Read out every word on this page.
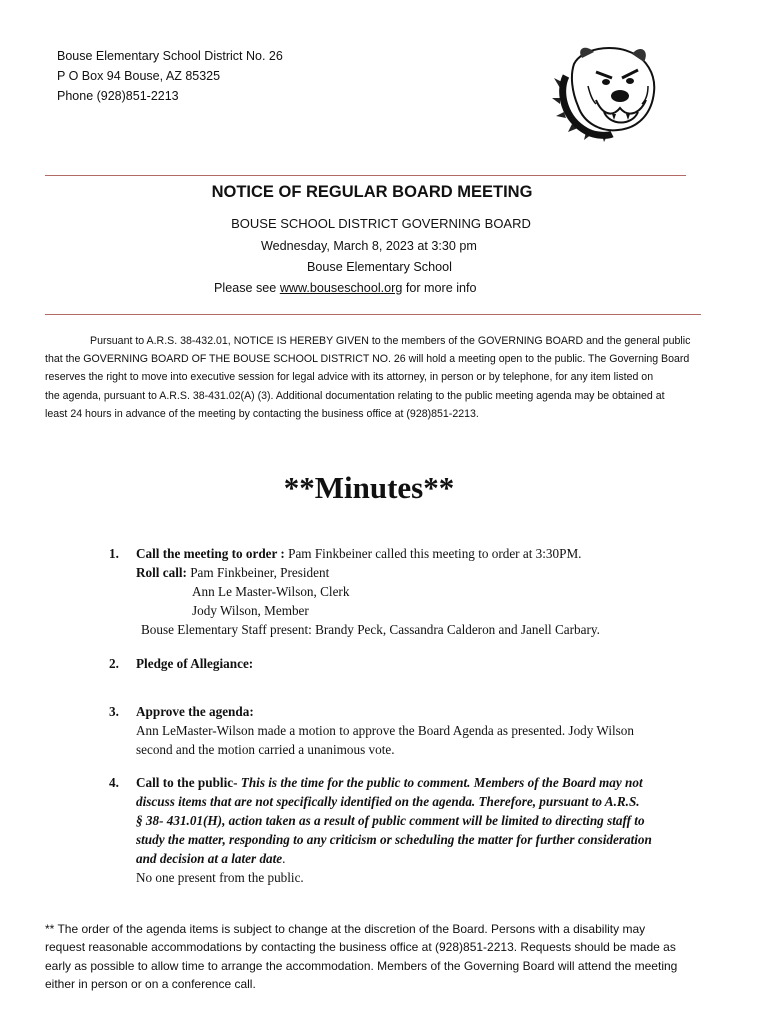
Bouse Elementary School District No. 26
P O Box 94 Bouse, AZ 85325
Phone (928)851-2213
NOTICE OF REGULAR BOARD MEETING
BOUSE SCHOOL DISTRICT GOVERNING BOARD
Wednesday, March 8, 2023 at 3:30 pm
Bouse Elementary School
Please see www.bouseschool.org for more info
Pursuant to A.R.S. 38-432.01, NOTICE IS HEREBY GIVEN to the members of the GOVERNING BOARD and the general public
that the GOVERNING BOARD OF THE BOUSE SCHOOL DISTRICT NO. 26 will hold a meeting open to the public. The Governing Board
reserves the right to move into executive session for legal advice with its attorney, in person or by telephone, for any item listed on
the agenda, pursuant to A.R.S. 38-431.02(A) (3). Additional documentation relating to the public meeting agenda may be obtained at
least 24 hours in advance of the meeting by contacting the business office at (928)851-2213.
**Minutes**
1. Call the meeting to order : Pam Finkbeiner called this meeting to order at 3:30PM.
Roll call: Pam Finkbeiner, President
Ann Le Master-Wilson, Clerk
Jody Wilson, Member
Bouse Elementary Staff present: Brandy Peck, Cassandra Calderon and Janell Carbary.
2. Pledge of Allegiance:
3. Approve the agenda:
Ann LeMaster-Wilson made a motion to approve the Board Agenda as presented. Jody Wilson
second and the motion carried a unanimous vote.
4. Call to the public- This is the time for the public to comment. Members of the Board may not
discuss items that are not specifically identified on the agenda. Therefore, pursuant to A.R.S.
§ 38- 431.01(H), action taken as a result of public comment will be limited to directing staff to
study the matter, responding to any criticism or scheduling the matter for further consideration
and decision at a later date.
No one present from the public.
** The order of the agenda items is subject to change at the discretion of the Board. Persons with a disability may
request reasonable accommodations by contacting the business office at (928)851-2213. Requests should be made as
early as possible to allow time to arrange the accommodation. Members of the Governing Board will attend the meeting
either in person or on a conference call.
